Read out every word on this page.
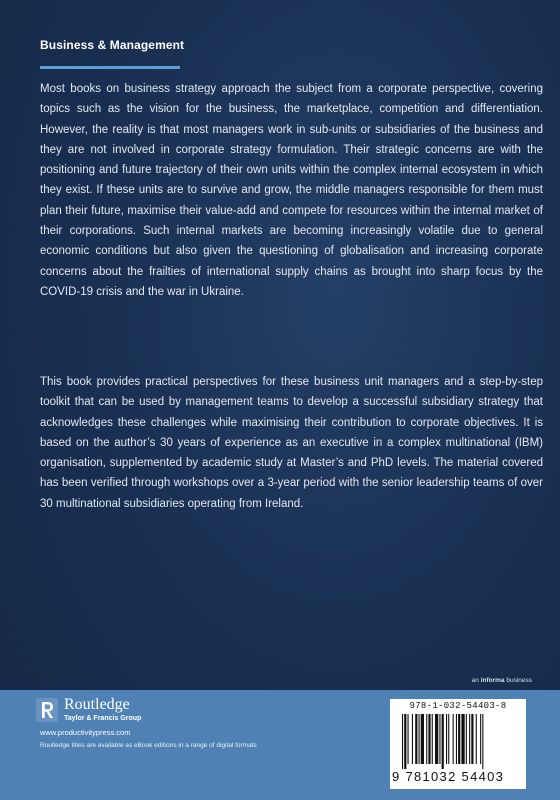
Business & Management

Most books on business strategy approach the subject from a corporate perspective, covering topics such as the vision for the business, the marketplace, competition and differentiation. However, the reality is that most managers work in sub-units or subsidiaries of the business and they are not involved in corporate strategy formulation. Their strategic concerns are with the positioning and future trajectory of their own units within the complex internal ecosystem in which they exist. If these units are to survive and grow, the middle managers responsible for them must plan their future, maximise their value-add and compete for resources within the internal market of their corporations. Such internal markets are becoming increasingly volatile due to general economic conditions but also given the questioning of globalisation and increasing corporate concerns about the frailties of international supply chains as brought into sharp focus by the COVID-19 crisis and the war in Ukraine.

This book provides practical perspectives for these business unit managers and a step-by-step toolkit that can be used by management teams to develop a successful subsidiary strategy that acknowledges these challenges while maximising their contribution to corporate objectives. It is based on the author’s 30 years of experience as an executive in a complex multinational (IBM) organisation, supplemented by academic study at Master’s and PhD levels. The material covered has been verified through workshops over a 3-year period with the senior leadership teams of over 30 multinational subsidiaries operating from Ireland.

an informa business
Routledge
Taylor & Francis Group
www.productivitypress.com
Routledge titles are available as eBook editions in a range of digital formats
978-1-032-54403-8
9 781032 54403
